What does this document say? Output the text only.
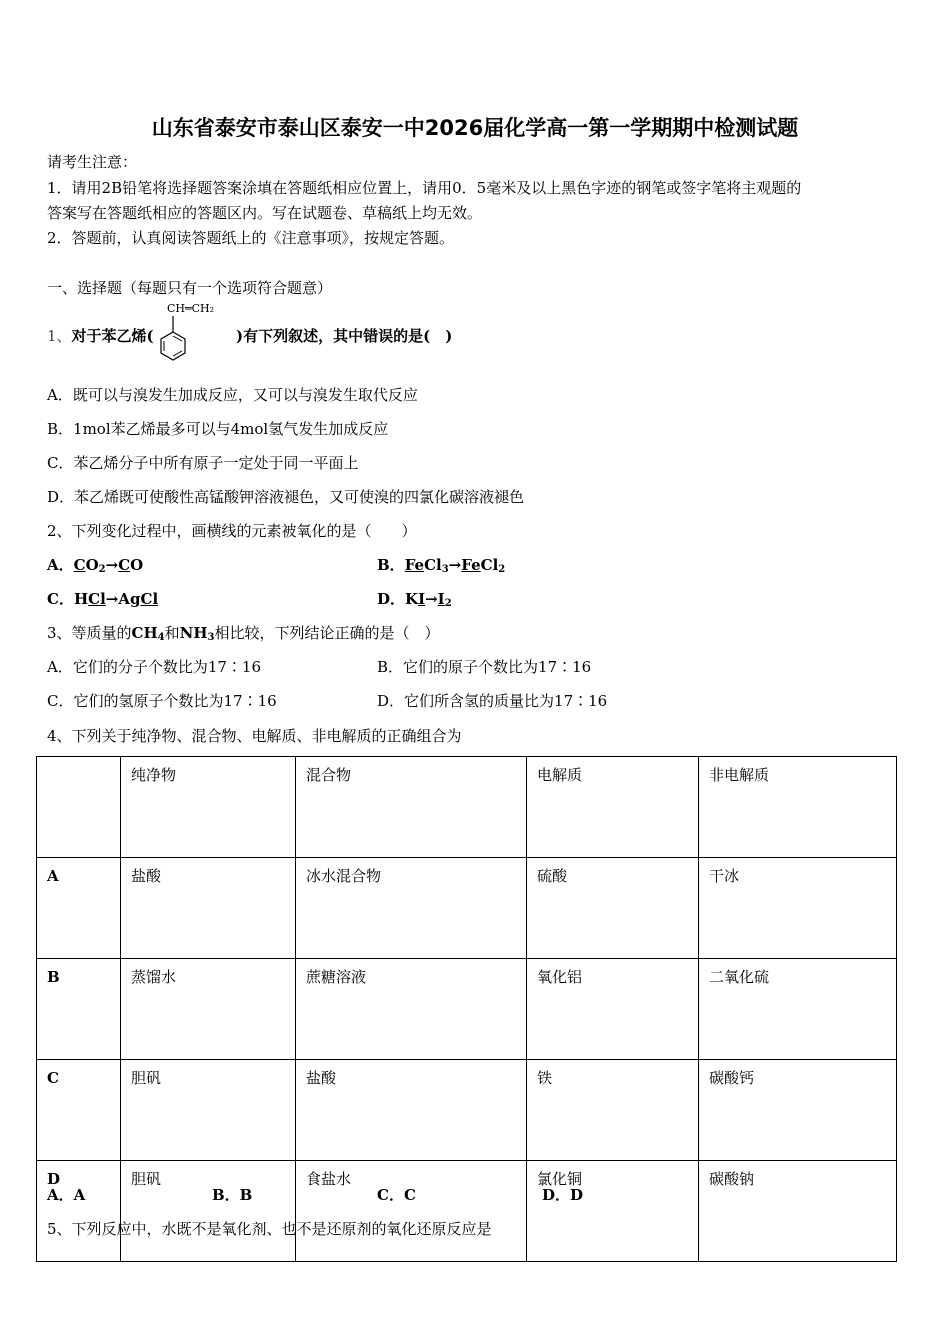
山东省泰安市泰山区泰安一中2026届化学高一第一学期期中检测试题
请考生注意：
1．请用2B铅笔将选择题答案涂填在答题纸相应位置上，请用0．5毫米及以上黑色字迹的钢笔或签字笔将主观题的
答案写在答题纸相应的答题区内。写在试题卷、草稿纸上均无效。
2．答题前，认真阅读答题纸上的《注意事项》，按规定答题。
一、选择题（每题只有一个选项符合题意）
1、对于苯乙烯(
CH═CH₂
)有下列叙述，其中错误的是(　)
A．既可以与溴发生加成反应，又可以与溴发生取代反应
B．1mol苯乙烯最多可以与4mol氢气发生加成反应
C．苯乙烯分子中所有原子一定处于同一平面上
D．苯乙烯既可使酸性高锰酸钾溶液褪色，又可使溴的四氯化碳溶液褪色
2、下列变化过程中，画横线的元素被氧化的是（　　）
A．$CO_2\to CO$	B．FeCl$_3$→FeCl$_2$
C．HCl→AgCl	D．$KI\to I_2$
3、等质量的$CH_4$和$NH_3$相比较，下列结论正确的是（　）
A．它们的分子个数比为17∶16	B．它们的原子个数比为17∶16
C．它们的氢原子个数比为17∶16	D．它们所含氢的质量比为17∶16
4、下列关于纯净物、混合物、电解质、非电解质的正确组合为
	纯净物	混合物	电解质	非电解质
A	盐酸	冰水混合物	硫酸	干冰
B	蒸馏水	蔗糖溶液	氧化铝	二氧化硫
C	胆矾	盐酸	铁	碳酸钙
D	胆矾	食盐水	氯化铜	碳酸钠
A．A	B．B	C．C	D．D
5、下列反应中，水既不是氧化剂、也不是还原剂的氧化还原反应是
